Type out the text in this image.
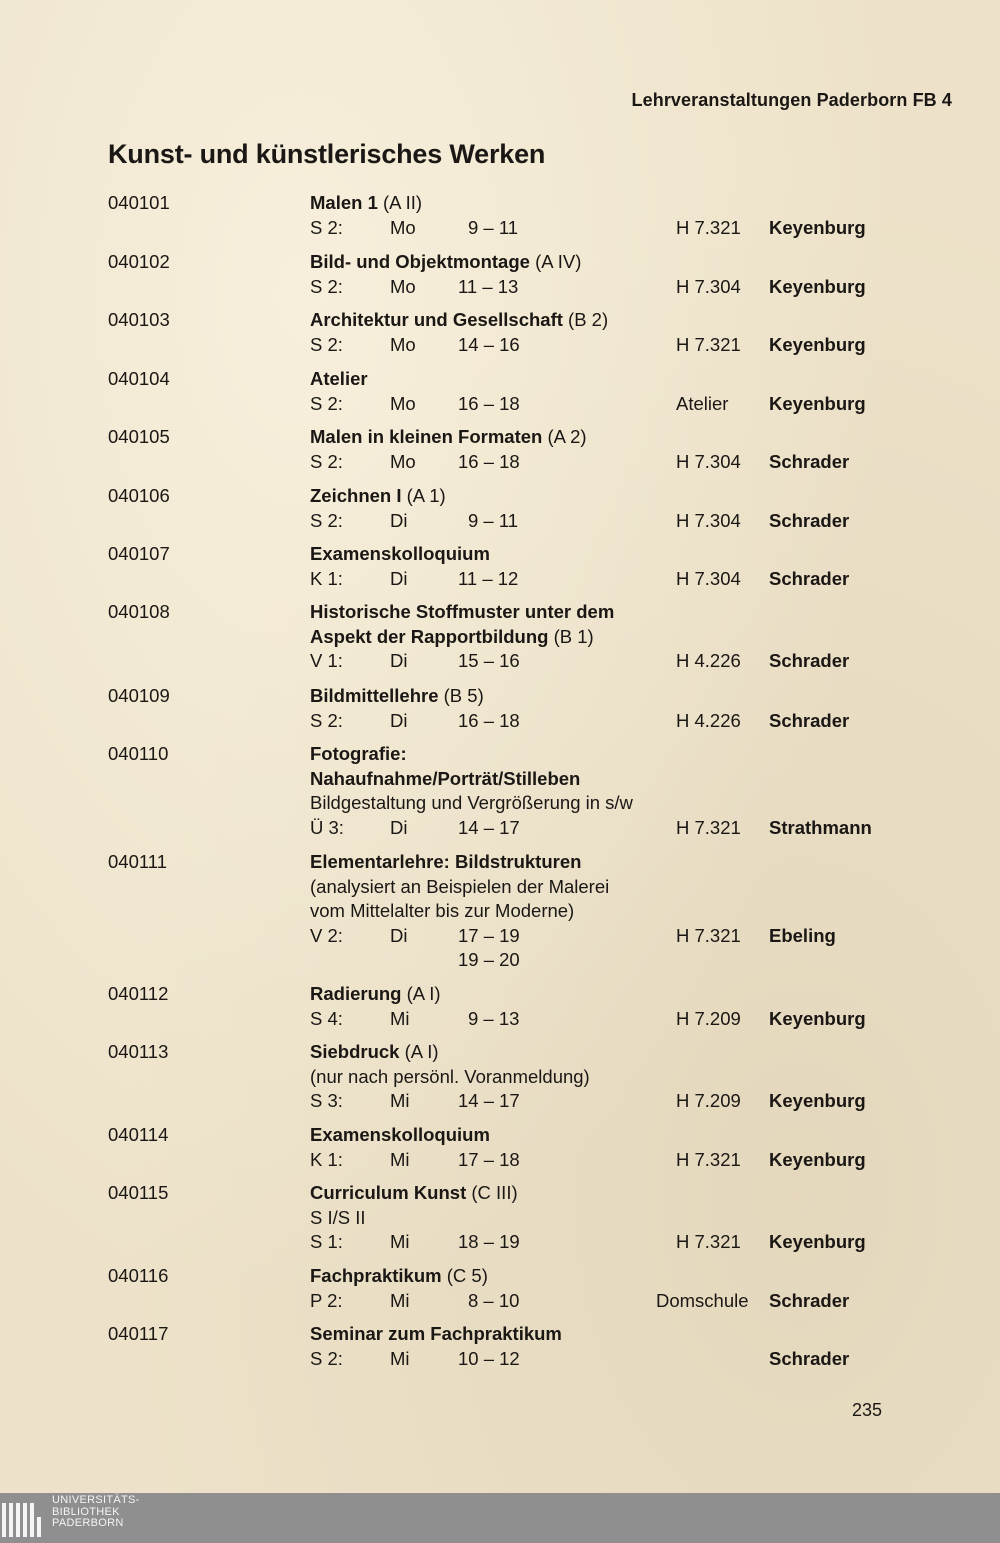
Lehrveranstaltungen Paderborn FB 4
Kunst- und künstlerisches Werken
040101	Malen 1 (A II)
S 2:	Mo	9 – 11	H 7.321 Keyenburg
040102	Bild- und Objektmontage (A IV)
S 2:	Mo 11 – 13	H 7.304 Keyenburg
040103	Architektur und Gesellschaft (B 2)
S 2:	Mo 14 – 16	H 7.321 Keyenburg
040104	Atelier
S 2:	Mo 16 – 18	Atelier Keyenburg
040105	Malen in kleinen Formaten (A 2)
S 2:	Mo 16 – 18	H 7.304 Schrader
040106	Zeichnen I (A 1)
S 2:	Di	9 – 11	H 7.304 Schrader
040107	Examenskolloquium
K 1:	Di	11 – 12	H 7.304 Schrader
040108	Historische Stoffmuster unter dem
Aspekt der Rapportbildung (B 1)
V 1:	Di	15 – 16	H 4.226 Schrader
040109	Bildmittellehre (B 5)
S 2:	Di	16 – 18	H 4.226 Schrader
040110	Fotografie:
Nahaufnahme/Porträt/Stilleben
Bildgestaltung und Vergrößerung in s/w
Ü 3: Di	14 – 17	H 7.321 Strathmann
040111	Elementarlehre: Bildstrukturen
(analysiert an Beispielen der Malerei
vom Mittelalter bis zur Moderne)
V 2:	Di	17 – 19	H 7.321 Ebeling
19 – 20
040112	Radierung (A I)
S 4:	Mi	9 – 13	H 7.209 Keyenburg
040113	Siebdruck (A I)
(nur nach persönl. Voranmeldung)
S 3:	Mi	14 – 17	H 7.209 Keyenburg
040114	Examenskolloquium
K 1:	Mi	17 – 18	H 7.321 Keyenburg
040115	Curriculum Kunst (C III)
S I/S II
S 1:	Mi	18 – 19	H 7.321 Keyenburg
040116	Fachpraktikum (C 5)
P 2:	Mi	8 – 10	Domschule Schrader
040117	Seminar zum Fachpraktikum
S 2:	Mi	10 – 12	Schrader
235
UNIVERSITÄTS-
BIBLIOTHEK
PADERBORN
